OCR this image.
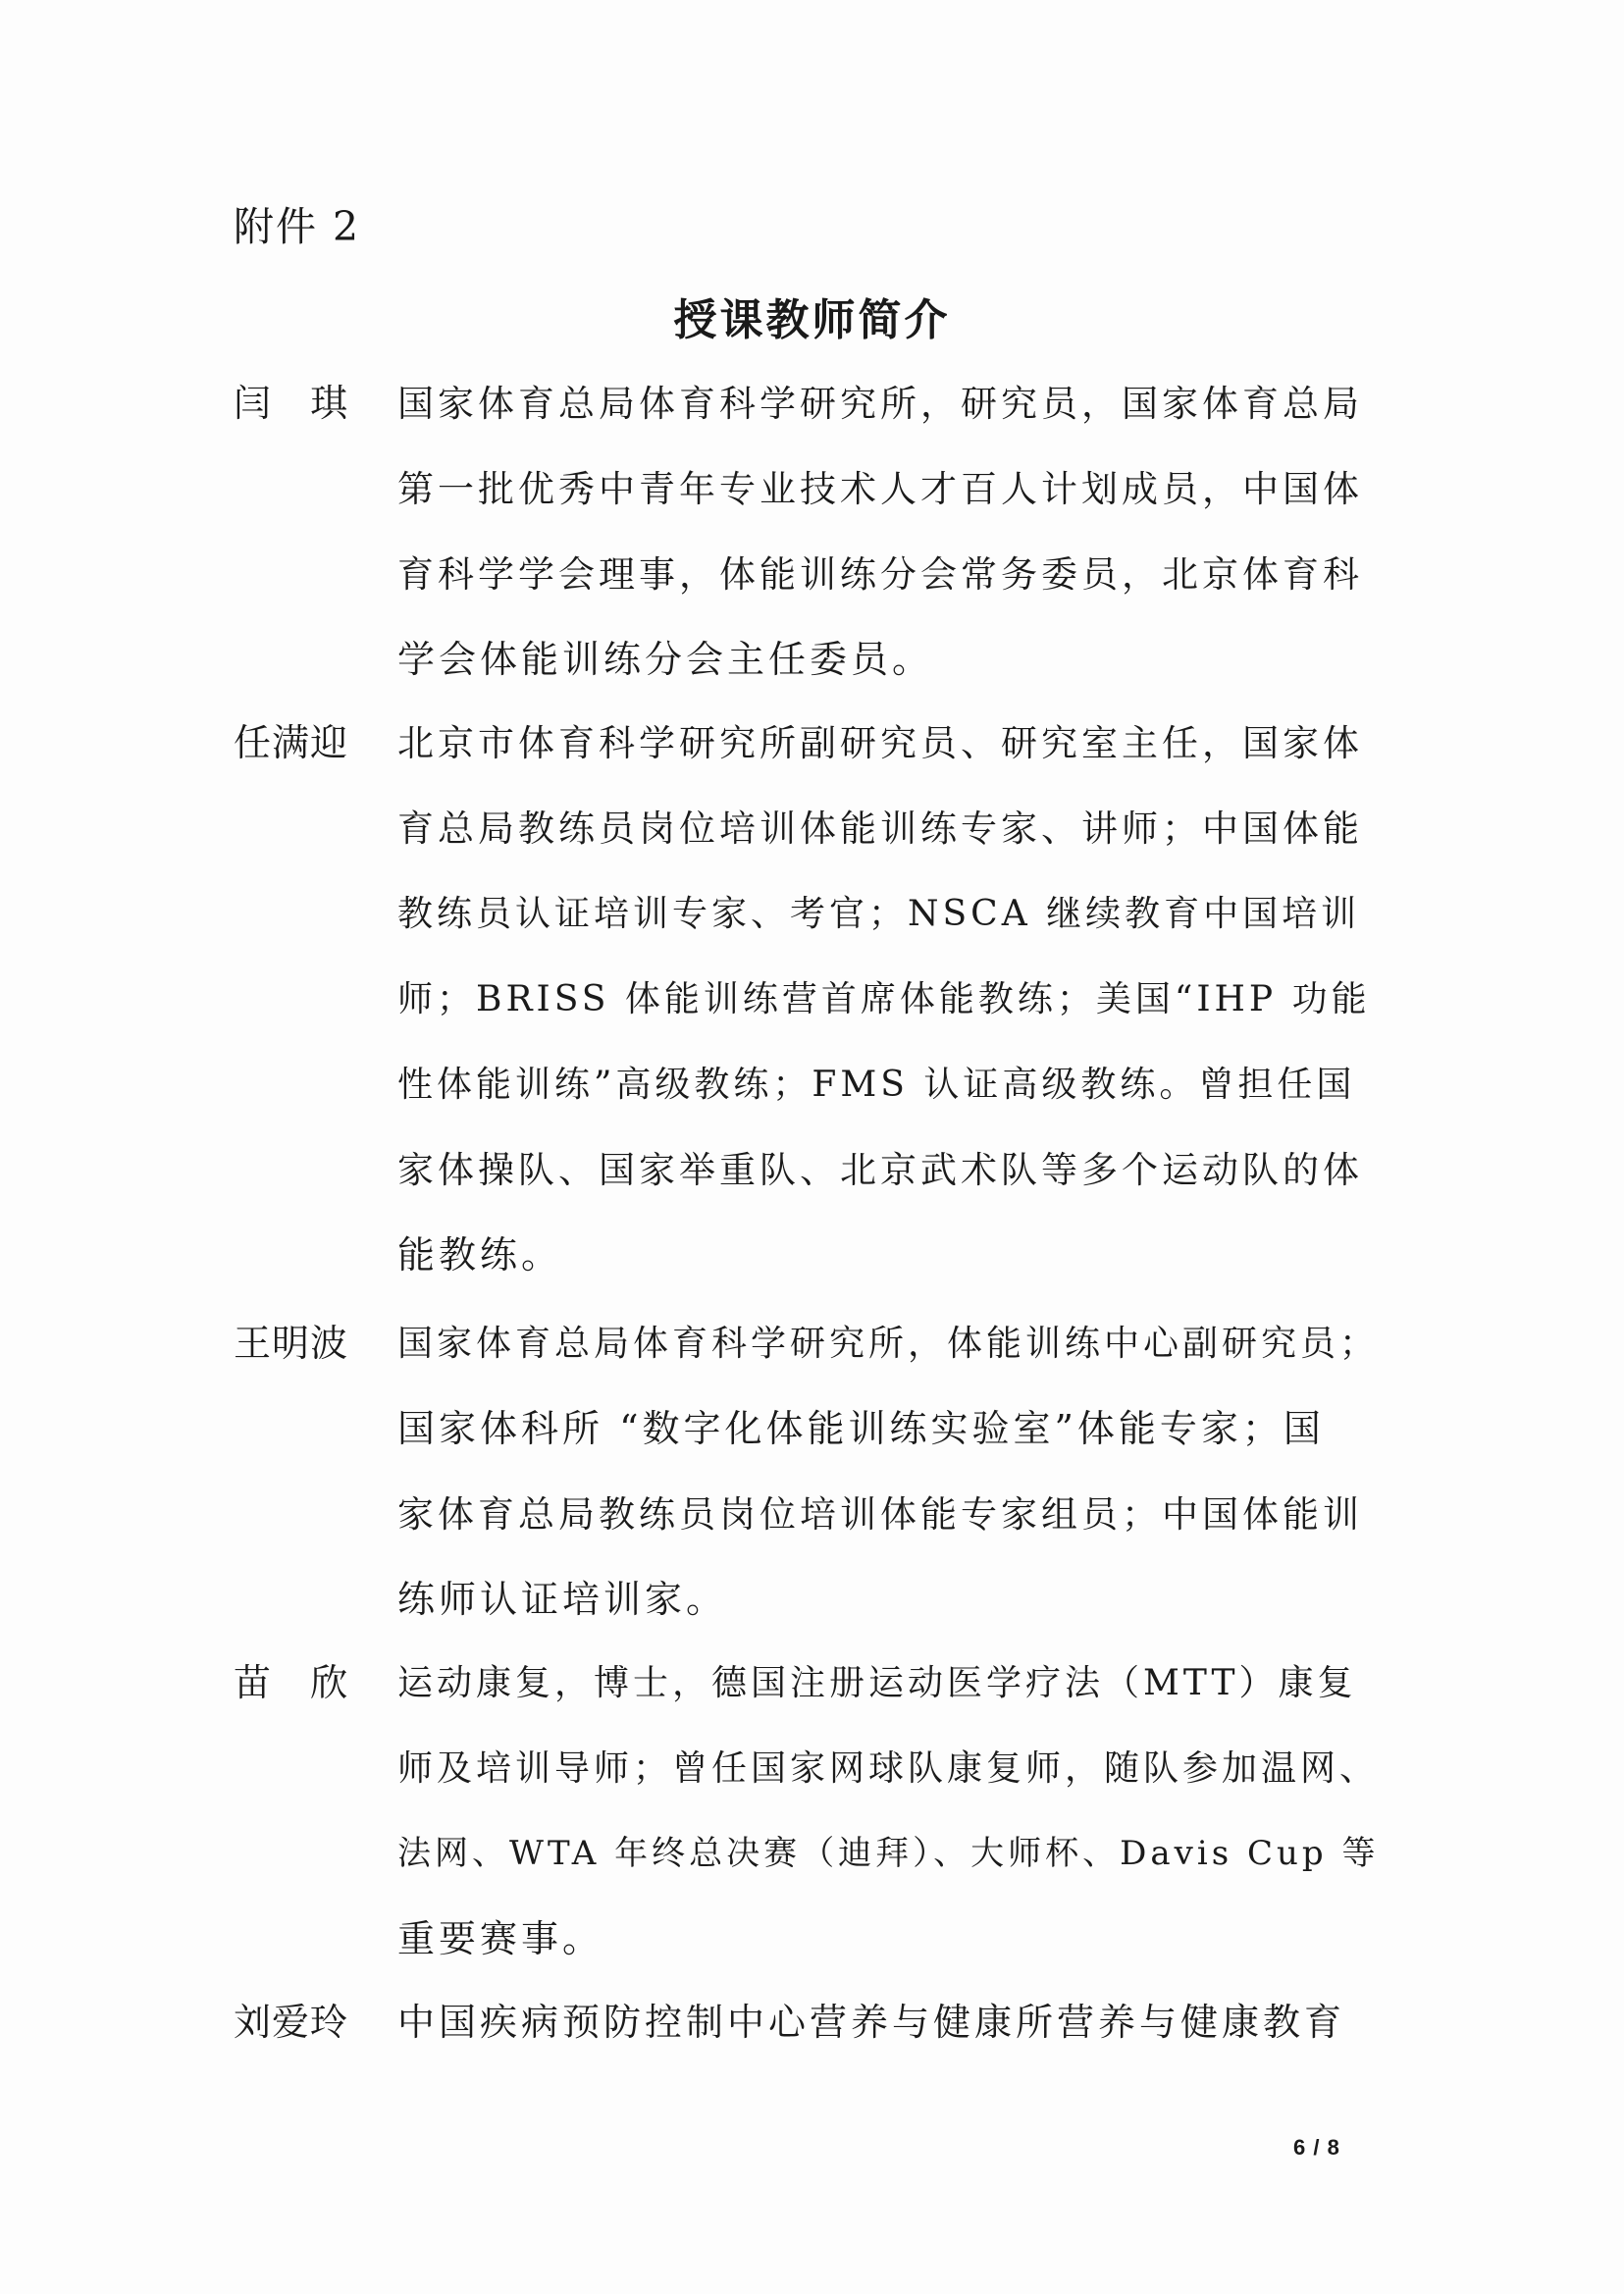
附件 2
授课教师简介
闫   琪	国家体育总局体育科学研究所，研究员，国家体育总局
第一批优秀中青年专业技术人才百人计划成员，中国体
育科学学会理事，体能训练分会常务委员，北京体育科
学会体能训练分会主任委员。
任满迎	北京市体育科学研究所副研究员、研究室主任，国家体
育总局教练员岗位培训体能训练专家、讲师；中国体能
教练员认证培训专家、考官；NSCA 继续教育中国培训
师；BRISS 体能训练营首席体能教练；美国“IHP 功能
性体能训练”高级教练；FMS 认证高级教练。曾担任国
家体操队、国家举重队、北京武术队等多个运动队的体
能教练。
王明波	国家体育总局体育科学研究所，体能训练中心副研究员；
国家体科所 “数字化体能训练实验室”体能专家；国
家体育总局教练员岗位培训体能专家组员；中国体能训
练师认证培训家。
苗   欣	运动康复，博士，德国注册运动医学疗法（MTT）康复
师及培训导师；曾任国家网球队康复师，随队参加温网、
法网、WTA 年终总决赛（迪拜）、大师杯、Davis Cup 等
重要赛事。
刘爱玲	中国疾病预防控制中心营养与健康所营养与健康教育
6 / 8
